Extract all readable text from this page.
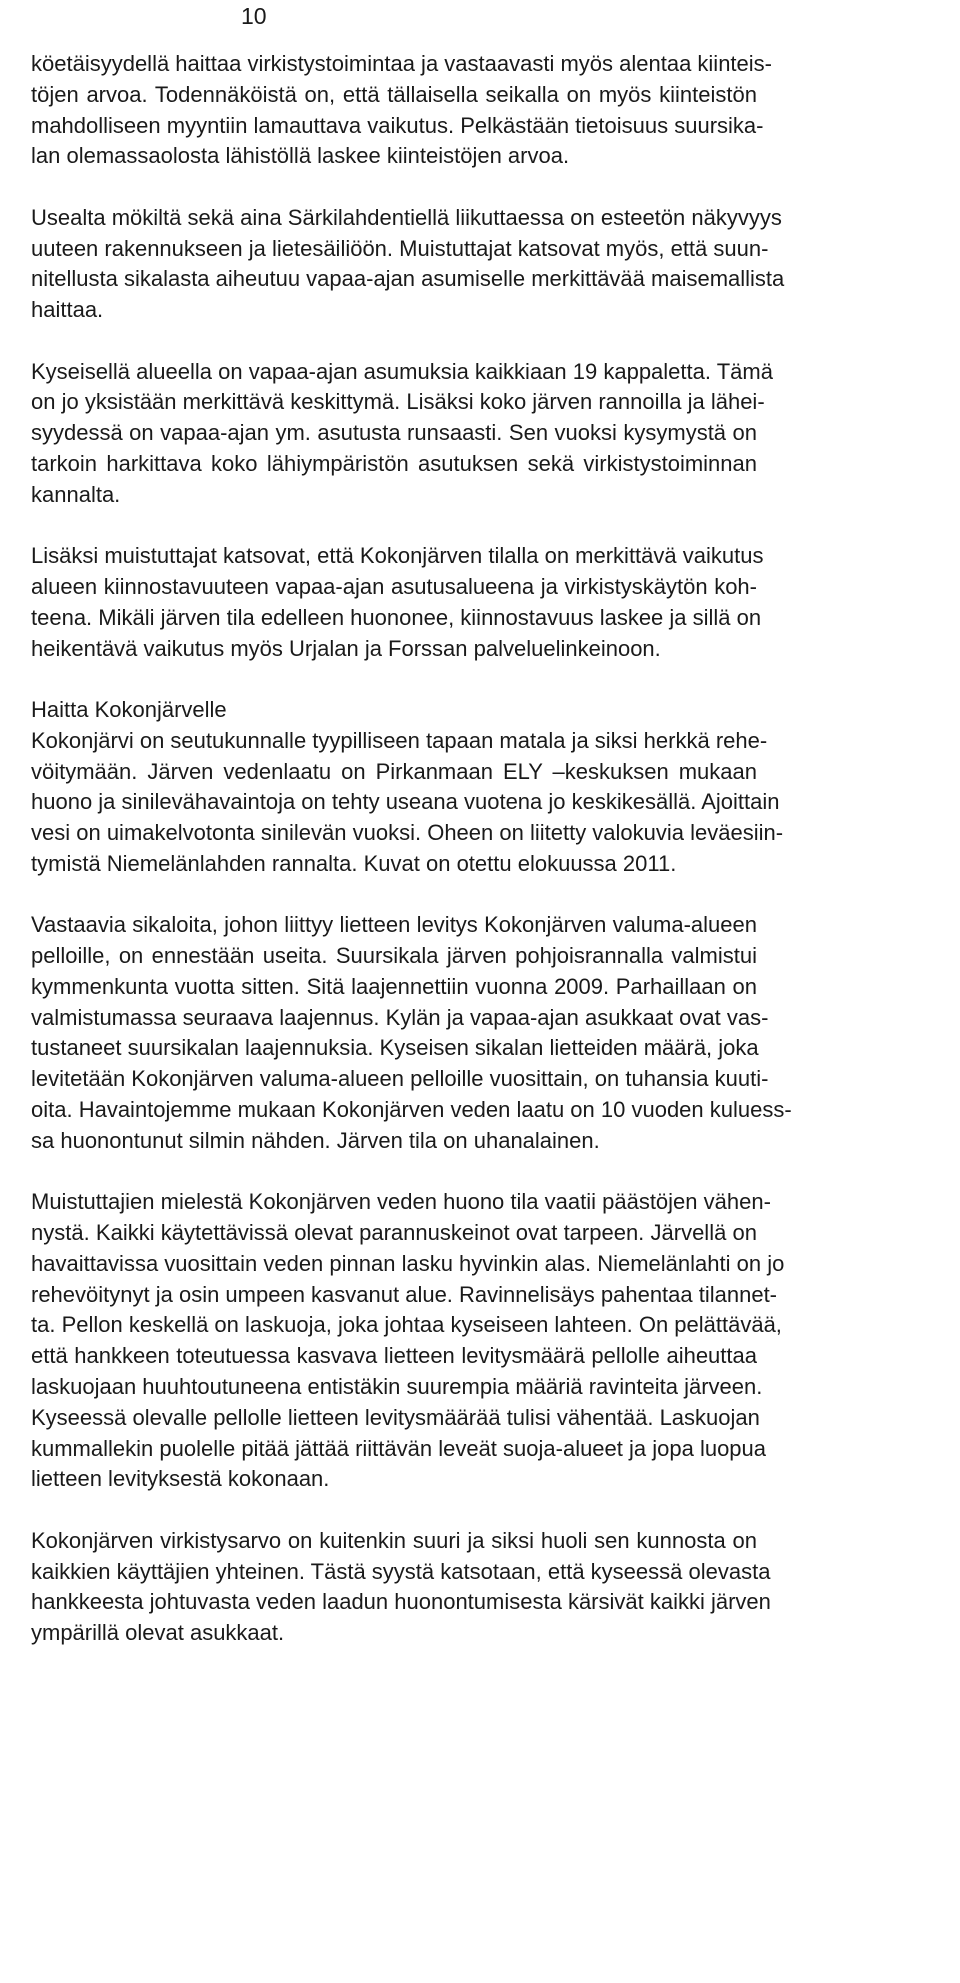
10
köetäisyydellä haittaa virkistystoimintaa ja vastaavasti myös alentaa kiinteis-
töjen arvoa. Todennäköistä on, että tällaisella seikalla on myös kiinteistön
mahdolliseen myyntiin lamauttava vaikutus. Pelkästään tietoisuus suursika-
lan olemassaolosta lähistöllä laskee kiinteistöjen arvoa.
Usealta mökiltä sekä aina Särkilahdentiellä liikuttaessa on esteetön näkyvyys
uuteen rakennukseen ja lietesäiliöön. Muistuttajat katsovat myös, että suun-
nitellusta sikalasta aiheutuu vapaa-ajan asumiselle merkittävää maisemallista
haittaa.
Kyseisellä alueella on vapaa-ajan asumuksia kaikkiaan 19 kappaletta. Tämä
on jo yksistään merkittävä keskittymä. Lisäksi koko järven rannoilla ja lähei-
syydessä on vapaa-ajan ym. asutusta runsaasti. Sen vuoksi kysymystä on
tarkoin harkittava koko lähiympäristön asutuksen sekä virkistystoiminnan
kannalta.
Lisäksi muistuttajat katsovat, että Kokonjärven tilalla on merkittävä vaikutus
alueen kiinnostavuuteen vapaa-ajan asutusalueena ja virkistyskäytön koh-
teena. Mikäli järven tila edelleen huononee, kiinnostavuus laskee ja sillä on
heikentävä vaikutus myös Urjalan ja Forssan palveluelinkeinoon.
Haitta Kokonjärvelle
Kokonjärvi on seutukunnalle tyypilliseen tapaan matala ja siksi herkkä rehe-
vöitymään. Järven vedenlaatu on Pirkanmaan ELY –keskuksen mukaan
huono ja sinilevähavaintoja on tehty useana vuotena jo keskikesällä. Ajoittain
vesi on uimakelvotonta sinilevän vuoksi. Oheen on liitetty valokuvia leväesiin-
tymistä Niemelänlahden rannalta. Kuvat on otettu elokuussa 2011.
Vastaavia sikaloita, johon liittyy lietteen levitys Kokonjärven valuma-alueen
pelloille, on ennestään useita. Suursikala järven pohjoisrannalla valmistui
kymmenkunta vuotta sitten. Sitä laajennettiin vuonna 2009. Parhaillaan on
valmistumassa seuraava laajennus. Kylän ja vapaa-ajan asukkaat ovat vas-
tustaneet suursikalan laajennuksia. Kyseisen sikalan lietteiden määrä, joka
levitetään Kokonjärven valuma-alueen pelloille vuosittain, on tuhansia kuuti-
oita. Havaintojemme mukaan Kokonjärven veden laatu on 10 vuoden kuluess-
sa huonontunut silmin nähden. Järven tila on uhanalainen.
Muistuttajien mielestä Kokonjärven veden huono tila vaatii päästöjen vähen-
nystä. Kaikki käytettävissä olevat parannuskeinot ovat tarpeen. Järvellä on
havaittavissa vuosittain veden pinnan lasku hyvinkin alas. Niemelänlahti on jo
rehevöitynyt ja osin umpeen kasvanut alue. Ravinnelisäys pahentaa tilannet-
ta. Pellon keskellä on laskuoja, joka johtaa kyseiseen lahteen. On pelättävää,
että hankkeen toteutuessa kasvava lietteen levitysmäärä pellolle aiheuttaa
laskuojaan huuhtoutuneena entistäkin suurempia määriä ravinteita järveen.
Kyseessä olevalle pellolle lietteen levitysmäärää tulisi vähentää. Laskuojan
kummallekin puolelle pitää jättää riittävän leveät suoja-alueet ja jopa luopua
lietteen levityksestä kokonaan.
Kokonjärven virkistysarvo on kuitenkin suuri ja siksi huoli sen kunnosta on
kaikkien käyttäjien yhteinen. Tästä syystä katsotaan, että kyseessä olevasta
hankkeesta johtuvasta veden laadun huonontumisesta kärsivät kaikki järven
ympärillä olevat asukkaat.
